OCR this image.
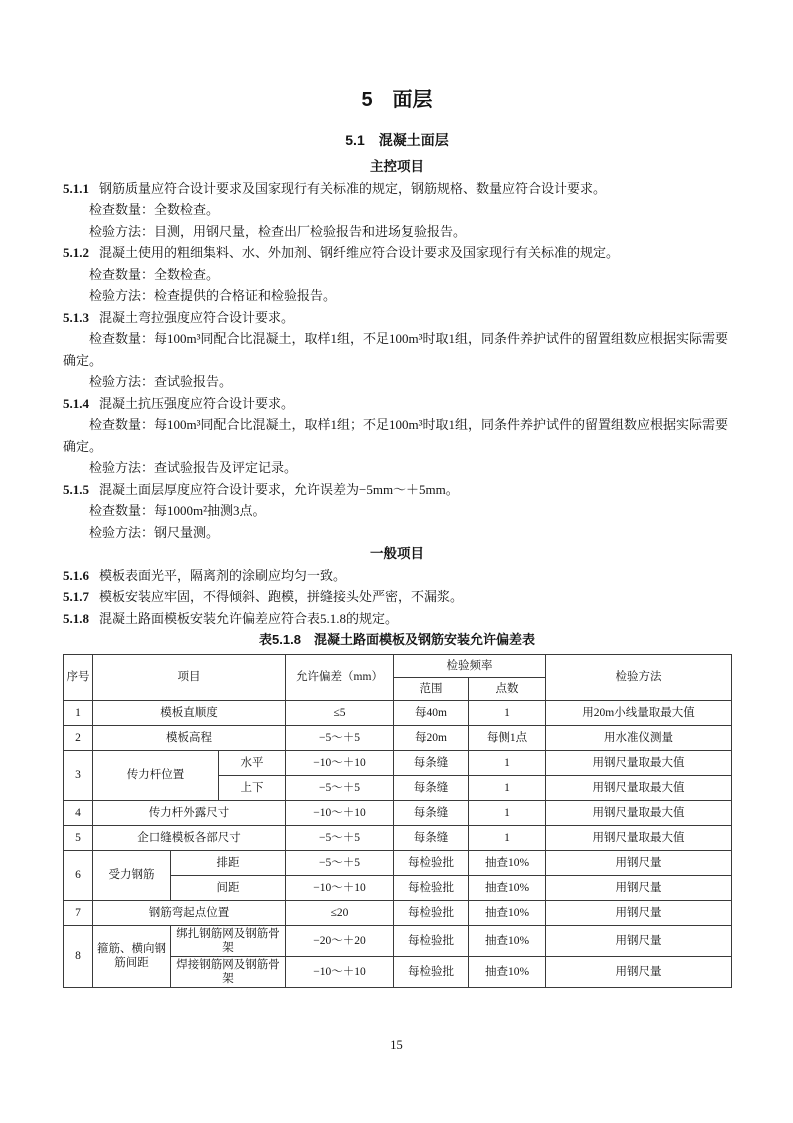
5　面层
5.1　混凝土面层
主控项目

5.1.1 钢筋质量应符合设计要求及国家现行有关标准的规定，钢筋规格、数量应符合设计要求。

检查数量：全数检查。

检验方法：目测，用钢尺量，检查出厂检验报告和进场复验报告。

5.1.2 混凝土使用的粗细集料、水、外加剂、钢纤维应符合设计要求及国家现行有关标准的规定。

检查数量：全数检查。

检验方法：检查提供的合格证和检验报告。

5.1.3 混凝土弯拉强度应符合设计要求。

检查数量：每100m³同配合比混凝土，取样1组，不足100m³时取1组，同条件养护试件的留置组数应根据实际需要确定。

检验方法：查试验报告。

5.1.4 混凝土抗压强度应符合设计要求。

检查数量：每100m³同配合比混凝土，取样1组；不足100m³时取1组，同条件养护试件的留置组数应根据实际需要确定。

检验方法：查试验报告及评定记录。

5.1.5 混凝土面层厚度应符合设计要求，允许误差为−5mm～＋5mm。

检查数量：每1000m²抽测3点。

检验方法：钢尺量测。

一般项目

5.1.6 模板表面光平，隔离剂的涂刷应均匀一致。

5.1.7 模板安装应牢固，不得倾斜、跑模，拼缝接头处严密，不漏浆。

5.1.8 混凝土路面模板安装允许偏差应符合表5.1.8的规定。

表5.1.8　混凝土路面模板及钢筋安装允许偏差表

序号	项目			允许偏差（mm）	检验频率		检验方法
					范围	点数	
1	模板直顺度			≤5	每40m	1	用20m小线量取最大值
2	模板高程			−5～＋5	每20m	每侧1点	用水准仪测量
3	传力杆位置		水平	−10～＋10	每条缝	1	用钢尺量取最大值
			上下	−5～＋5	每条缝	1	用钢尺量取最大值
4	传力杆外露尺寸			−10～＋10	每条缝	1	用钢尺量取最大值
5	企口缝模板各部尺寸			−5～＋5	每条缝	1	用钢尺量取最大值
6	受力钢筋	排距		−5～＋5	每检验批	抽查10%	用钢尺量
		间距		−10～＋10	每检验批	抽查10%	用钢尺量
7	钢筋弯起点位置			≤20	每检验批	抽查10%	用钢尺量
8	箍筋、横向钢筋间距	绑扎钢筋网及钢筋骨架		−20～＋20	每检验批	抽查10%	用钢尺量
		焊接钢筋网及钢筋骨架		−10～＋10	每检验批	抽查10%	用钢尺量
15
